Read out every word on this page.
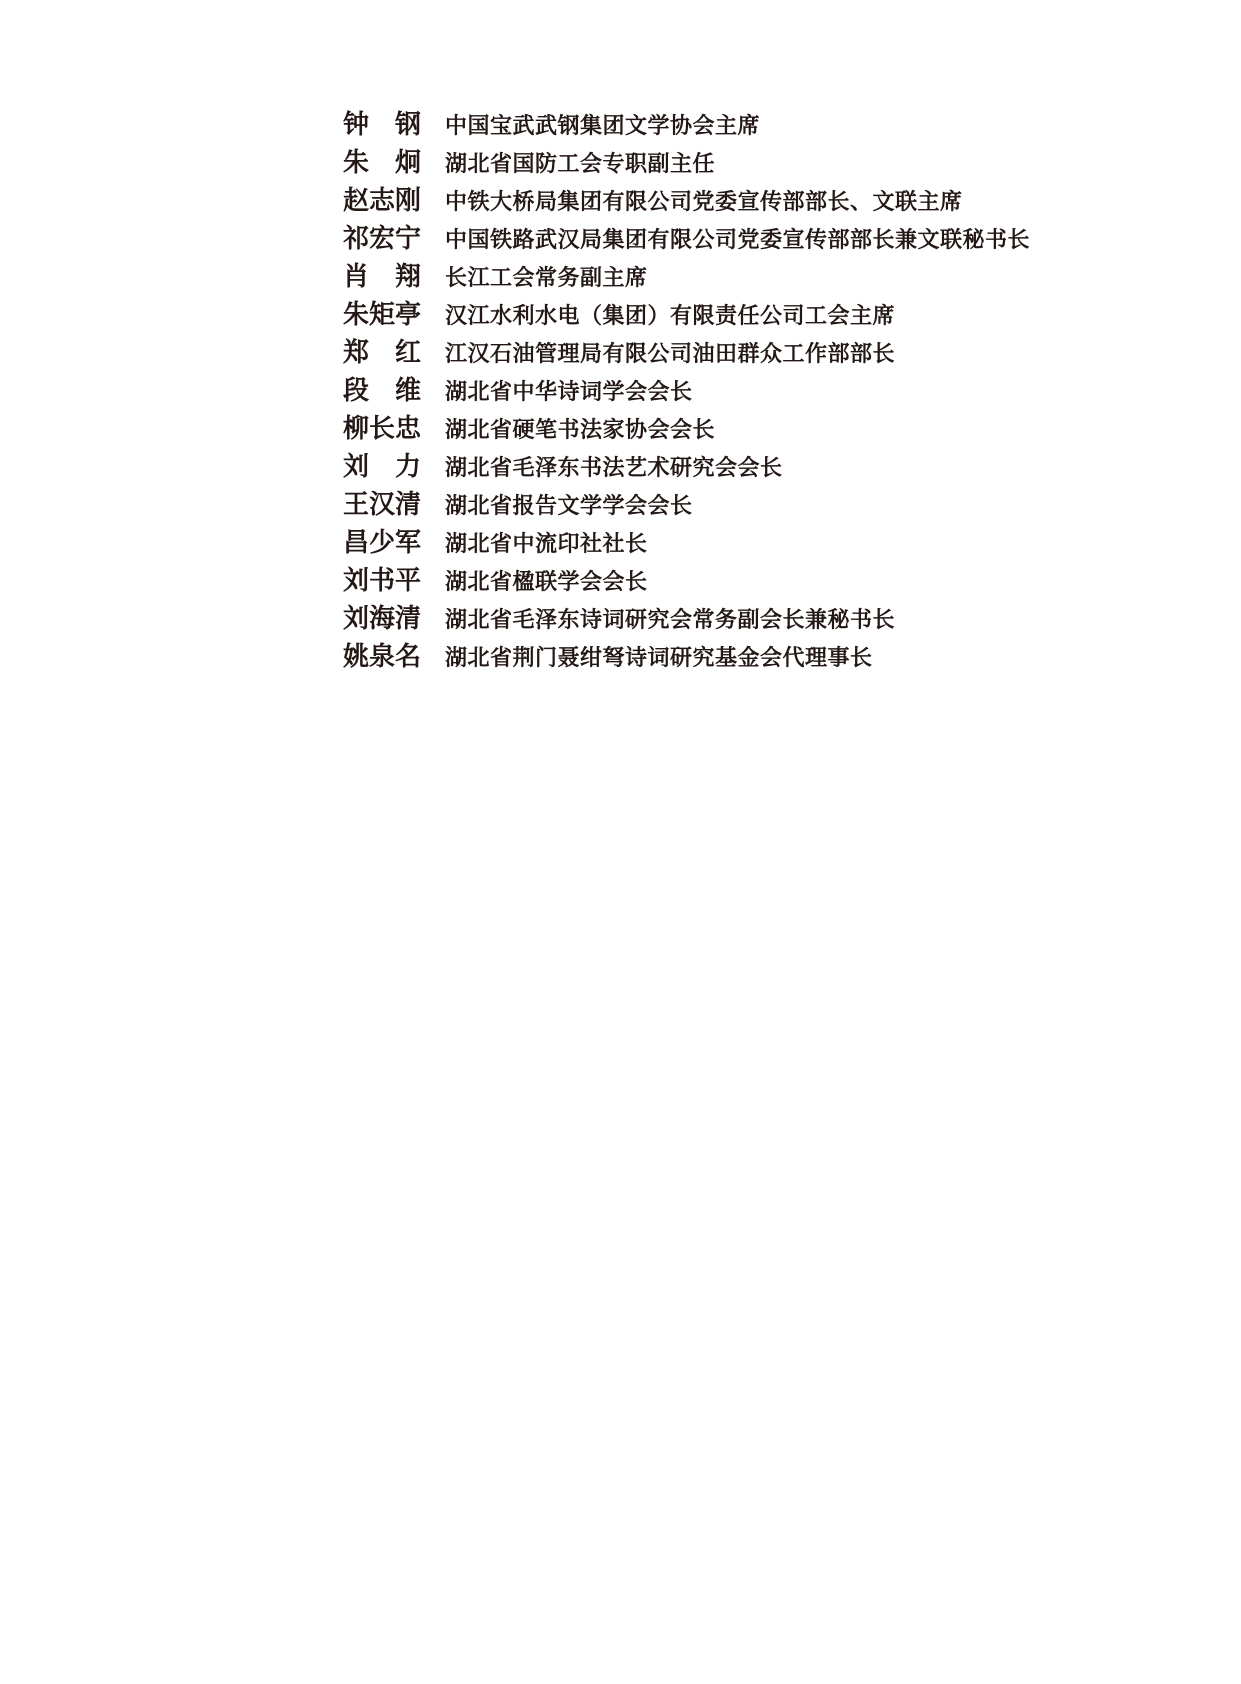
钟钢 中国宝武武钢集团文学协会主席
朱炯 湖北省国防工会专职副主任
赵志刚 中铁大桥局集团有限公司党委宣传部部长、文联主席
祁宏宁 中国铁路武汉局集团有限公司党委宣传部部长兼文联秘书长
肖翔 长江工会常务副主席
朱矩亭 汉江水利水电（集团）有限责任公司工会主席
郑红 江汉石油管理局有限公司油田群众工作部部长
段维 湖北省中华诗词学会会长
柳长忠 湖北省硬笔书法家协会会长
刘力 湖北省毛泽东书法艺术研究会会长
王汉清 湖北省报告文学学会会长
昌少军 湖北省中流印社社长
刘书平 湖北省楹联学会会长
刘海清 湖北省毛泽东诗词研究会常务副会长兼秘书长
姚泉名 湖北省荆门聂绀弩诗词研究基金会代理事长
